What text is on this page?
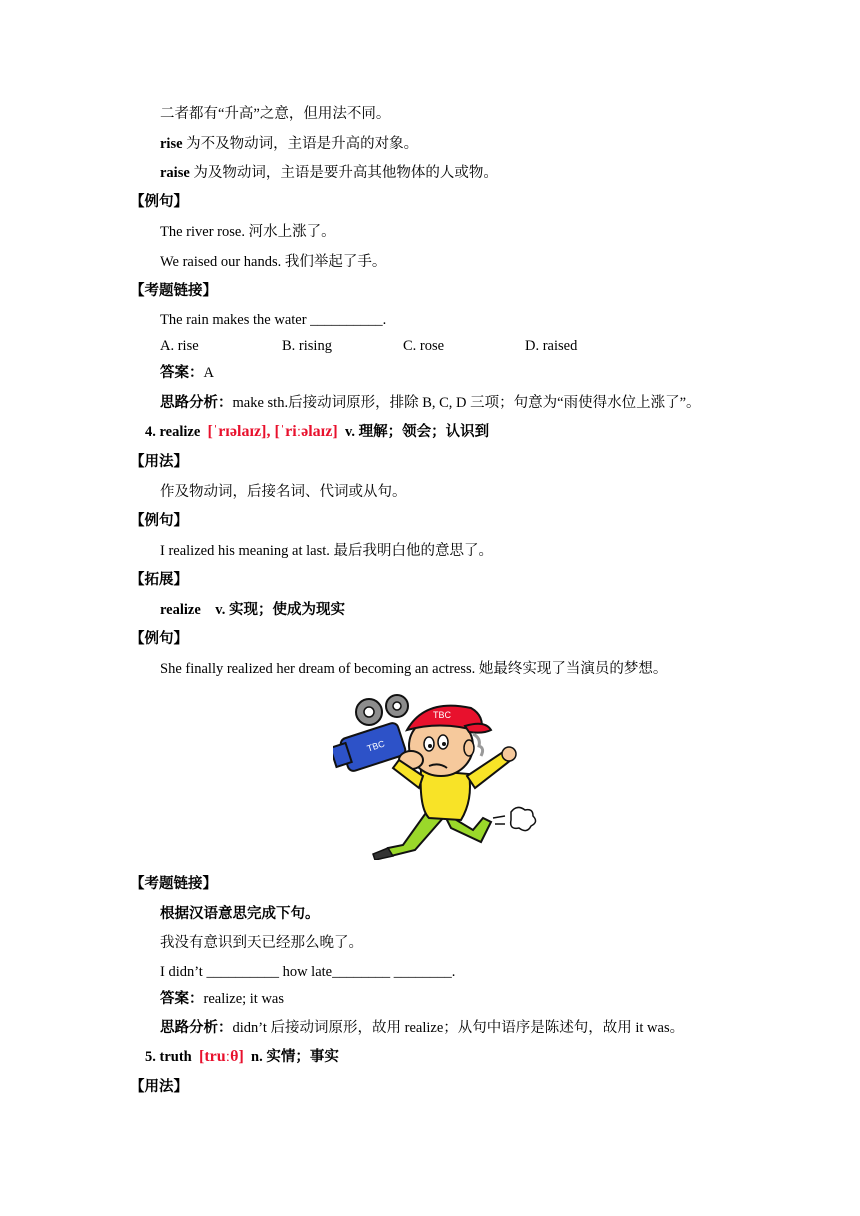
二者都有“升高”之意，但用法不同。
rise 为不及物动词，主语是升高的对象。
raise 为及物动词，主语是要升高其他物体的人或物。
【例句】
The river rose. 河水上涨了。
We raised our hands. 我们举起了手。
【考题链接】
The rain makes the water __________.
A. rise	B. rising	C. rose	D. raised
答案：A
思路分析：make sth.后接动词原形，排除 B, C, D 三项；句意为“雨使得水位上涨了”。
4. realize [ˈrɪəlaɪz], [ˈriːəlaɪz] v. 理解；领会；认识到
【用法】
作及物动词，后接名词、代词或从句。
【例句】
I realized his meaning at last. 最后我明白他的意思了。
【拓展】
realize v. 实现；使成为现实
【例句】
She finally realized her dream of becoming an actress. 她最终实现了当演员的梦想。
TBC
TBC
【考题链接】
根据汉语意思完成下句。
我没有意识到天已经那么晚了。
I didn’t __________ how late________ ________.
答案：realize; it was
思路分析：didn’t 后接动词原形，故用 realize；从句中语序是陈述句，故用 it was。
5. truth [truːθ] n. 实情；事实
【用法】
